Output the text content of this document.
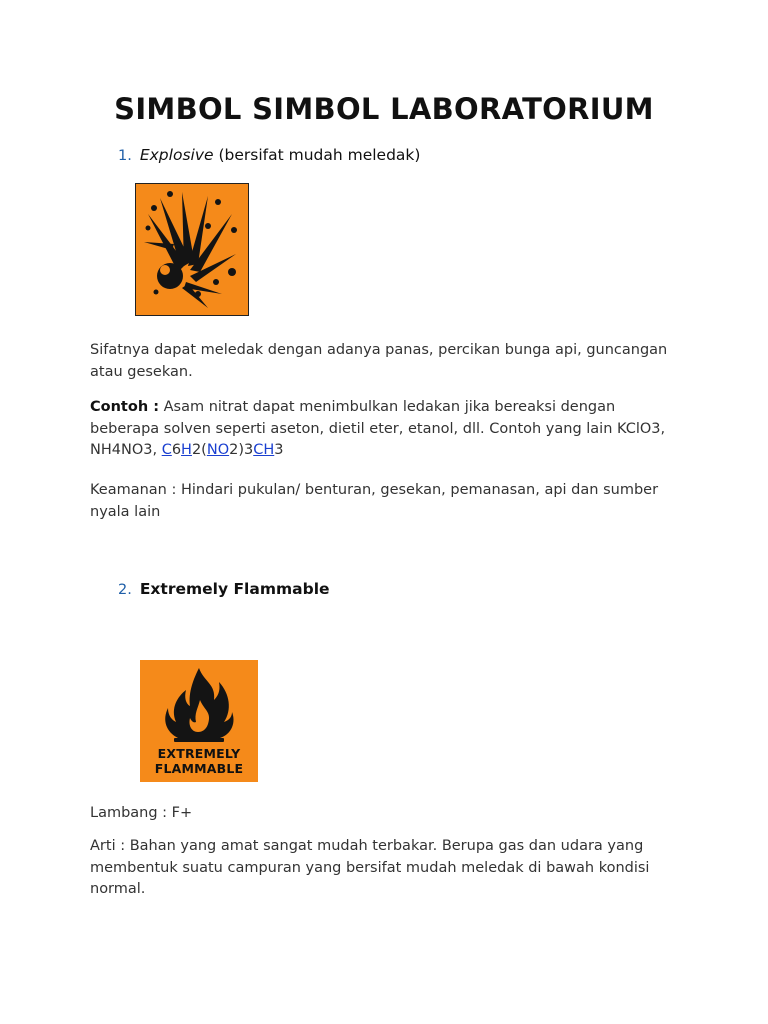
SIMBOL SIMBOL LABORATORIUM
1. Explosive (bersifat mudah meledak)

Sifatnya dapat meledak dengan adanya panas, percikan bunga api, guncangan atau gesekan.

Contoh : Asam nitrat dapat menimbulkan ledakan jika bereaksi dengan beberapa solven seperti aseton, dietil eter, etanol, dll. Contoh yang lain KClO3, NH4NO3, C6H2(NO2)3CH3

Keamanan : Hindari pukulan/ benturan, gesekan, pemanasan, api dan sumber nyala lain

2. Extremely Flammable
EXTREMELY
FLAMMABLE

Lambang : F+

Arti : Bahan yang amat sangat mudah terbakar. Berupa gas dan udara yang membentuk suatu campuran yang bersifat mudah meledak di bawah kondisi normal.
